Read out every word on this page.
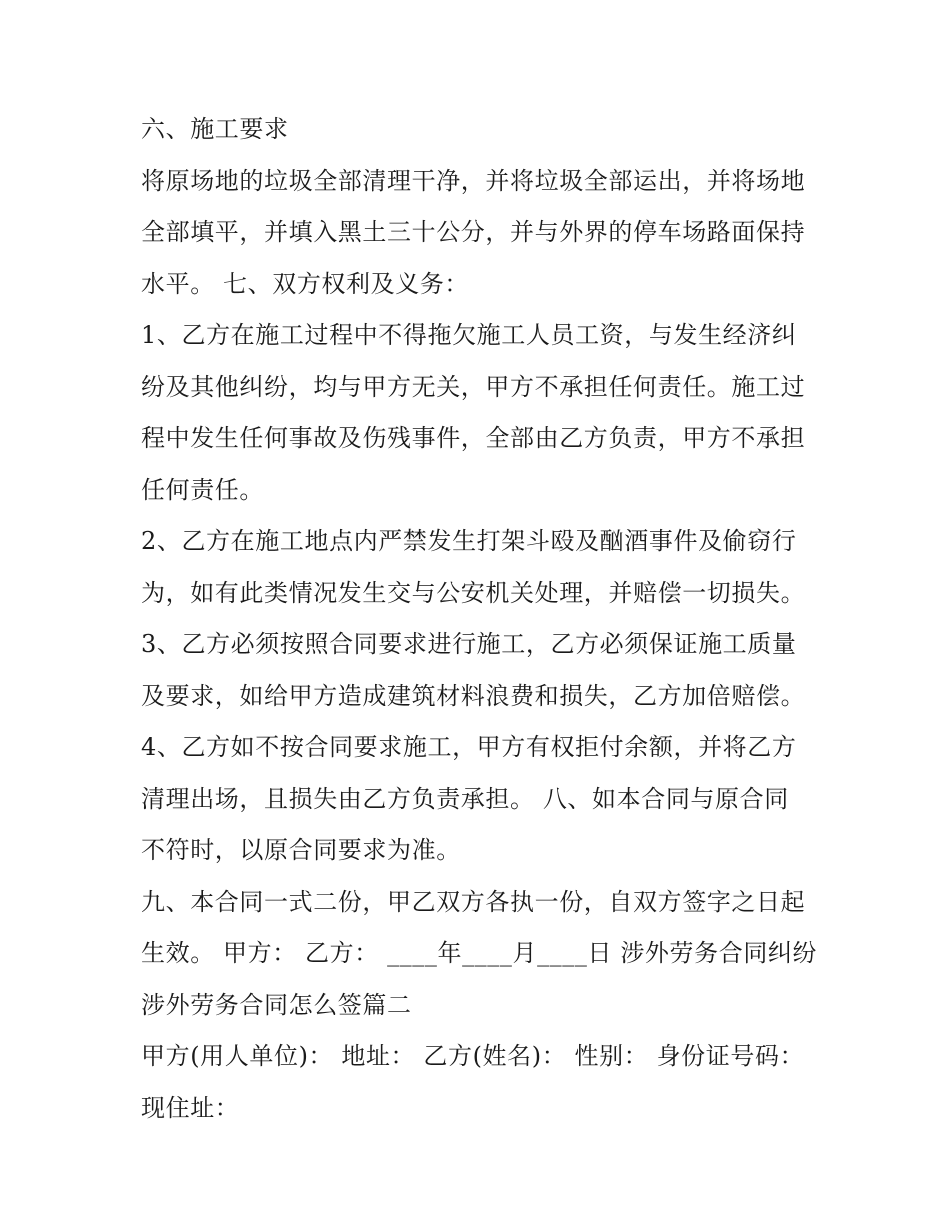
六、施工要求
将原场地的垃圾全部清理干净，并将垃圾全部运出，并将场地
全部填平，并填入黑土三十公分，并与外界的停车场路面保持
水平。 七、双方权利及义务：
1、乙方在施工过程中不得拖欠施工人员工资，与发生经济纠
纷及其他纠纷，均与甲方无关，甲方不承担任何责任。施工过
程中发生任何事故及伤残事件，全部由乙方负责，甲方不承担
任何责任。
2、乙方在施工地点内严禁发生打架斗殴及酗酒事件及偷窃行
为，如有此类情况发生交与公安机关处理，并赔偿一切损失。
3、乙方必须按照合同要求进行施工，乙方必须保证施工质量
及要求，如给甲方造成建筑材料浪费和损失，乙方加倍赔偿。
4、乙方如不按合同要求施工，甲方有权拒付余额，并将乙方
清理出场，且损失由乙方负责承担。 八、如本合同与原合同
不符时，以原合同要求为准。
九、本合同一式二份，甲乙双方各执一份，自双方签字之日起
生效。 甲方： 乙方： ____年____月____日 涉外劳务合同纠纷
涉外劳务合同怎么签篇二
甲方(用人单位)： 地址： 乙方(姓名)： 性别： 身份证号码：
现住址：
